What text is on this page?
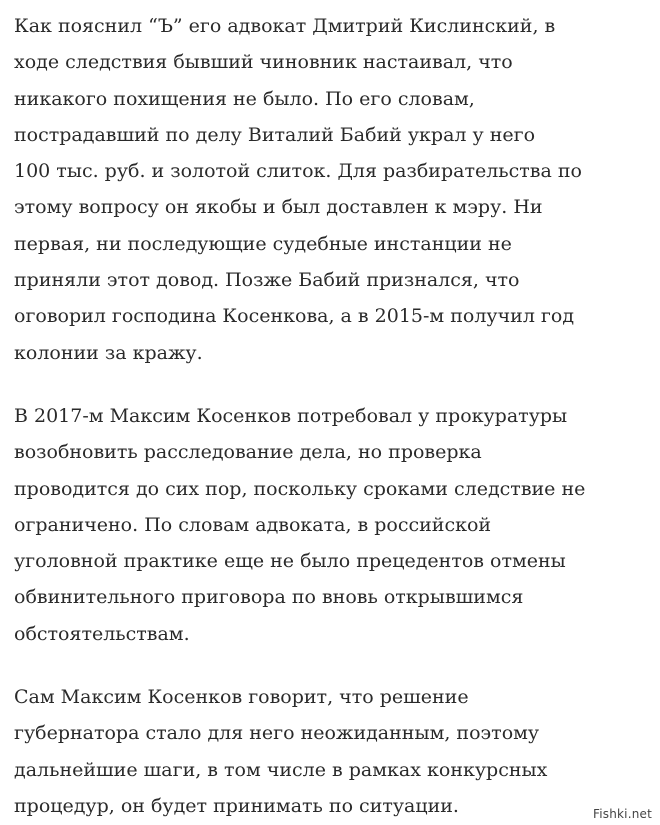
Как пояснил “Ъ” его адвокат Дмитрий Кислинский, в
ходе следствия бывший чиновник настаивал, что
никакого похищения не было. По его словам,
пострадавший по делу Виталий Бабий украл у него
100 тыс. руб. и золотой слиток. Для разбирательства по
этому вопросу он якобы и был доставлен к мэру. Ни
первая, ни последующие судебные инстанции не
приняли этот довод. Позже Бабий признался, что
оговорил господина Косенкова, а в 2015-м получил год
колонии за кражу.

В 2017-м Максим Косенков потребовал у прокуратуры
возобновить расследование дела, но проверка
проводится до сих пор, поскольку сроками следствие не
ограничено. По словам адвоката, в российской
уголовной практике еще не было прецедентов отмены
обвинительного приговора по вновь открывшимся
обстоятельствам.

Сам Максим Косенков говорит, что решение
губернатора стало для него неожиданным, поэтому
дальнейшие шаги, в том числе в рамках конкурсных
процедур, он будет принимать по ситуации.	Fishki.net
